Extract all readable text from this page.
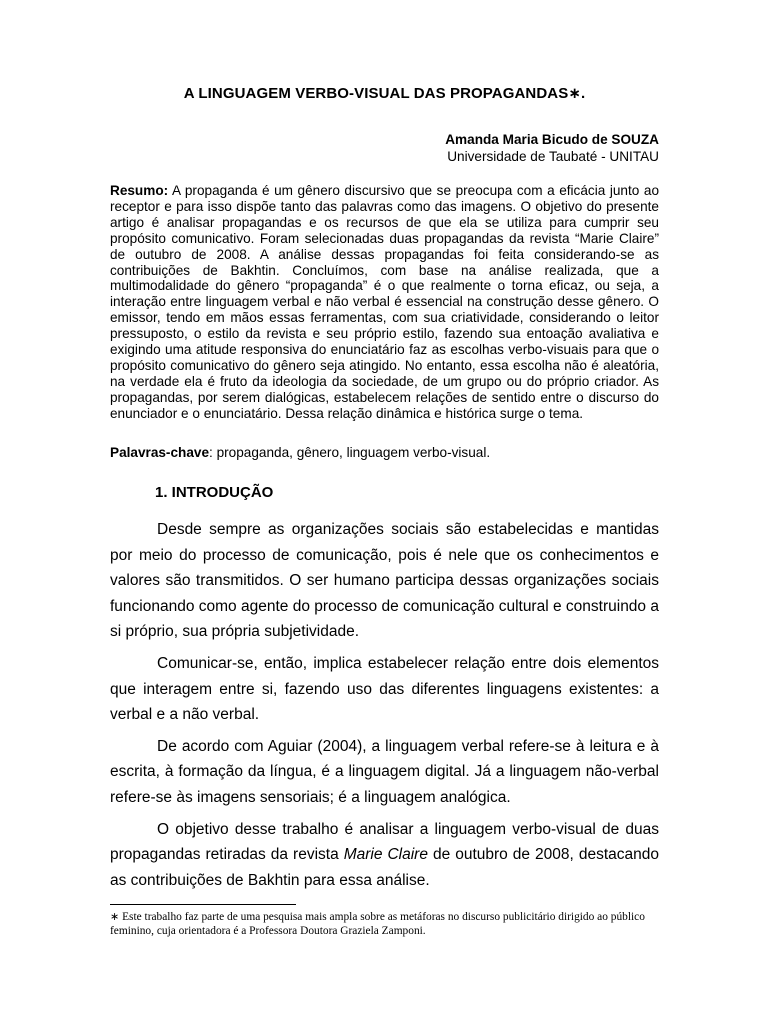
A LINGUAGEM VERBO-VISUAL DAS PROPAGANDAS∗.
Amanda Maria Bicudo de SOUZA
Universidade de Taubaté - UNITAU
Resumo: A propaganda é um gênero discursivo que se preocupa com a eficácia junto ao receptor e para isso dispõe tanto das palavras como das imagens. O objetivo do presente artigo é analisar propagandas e os recursos de que ela se utiliza para cumprir seu propósito comunicativo. Foram selecionadas duas propagandas da revista “Marie Claire” de outubro de 2008. A análise dessas propagandas foi feita considerando-se as contribuições de Bakhtin. Concluímos, com base na análise realizada, que a multimodalidade do gênero “propaganda” é o que realmente o torna eficaz, ou seja, a interação entre linguagem verbal e não verbal é essencial na construção desse gênero. O emissor, tendo em mãos essas ferramentas, com sua criatividade, considerando o leitor pressuposto, o estilo da revista e seu próprio estilo, fazendo sua entoação avaliativa e exigindo uma atitude responsiva do enunciatário faz as escolhas verbo-visuais para que o propósito comunicativo do gênero seja atingido. No entanto, essa escolha não é aleatória, na verdade ela é fruto da ideologia da sociedade, de um grupo ou do próprio criador. As propagandas, por serem dialógicas, estabelecem relações de sentido entre o discurso do enunciador e o enunciatário. Dessa relação dinâmica e histórica surge o tema.
Palavras-chave: propaganda, gênero, linguagem verbo-visual.
1. INTRODUÇÃO

Desde sempre as organizações sociais são estabelecidas e mantidas por meio do processo de comunicação, pois é nele que os conhecimentos e valores são transmitidos. O ser humano participa dessas organizações sociais funcionando como agente do processo de comunicação cultural e construindo a si próprio, sua própria subjetividade.

Comunicar-se, então, implica estabelecer relação entre dois elementos que interagem entre si, fazendo uso das diferentes linguagens existentes: a verbal e a não verbal.

De acordo com Aguiar (2004), a linguagem verbal refere-se à leitura e à escrita, à formação da língua, é a linguagem digital. Já a linguagem não-verbal refere-se às imagens sensoriais; é a linguagem analógica.

O objetivo desse trabalho é analisar a linguagem verbo-visual de duas propagandas retiradas da revista Marie Claire de outubro de 2008, destacando as contribuições de Bakhtin para essa análise.

∗ Este trabalho faz parte de uma pesquisa mais ampla sobre as metáforas no discurso publicitário dirigido ao público feminino, cuja orientadora é a Professora Doutora Graziela Zamponi.
